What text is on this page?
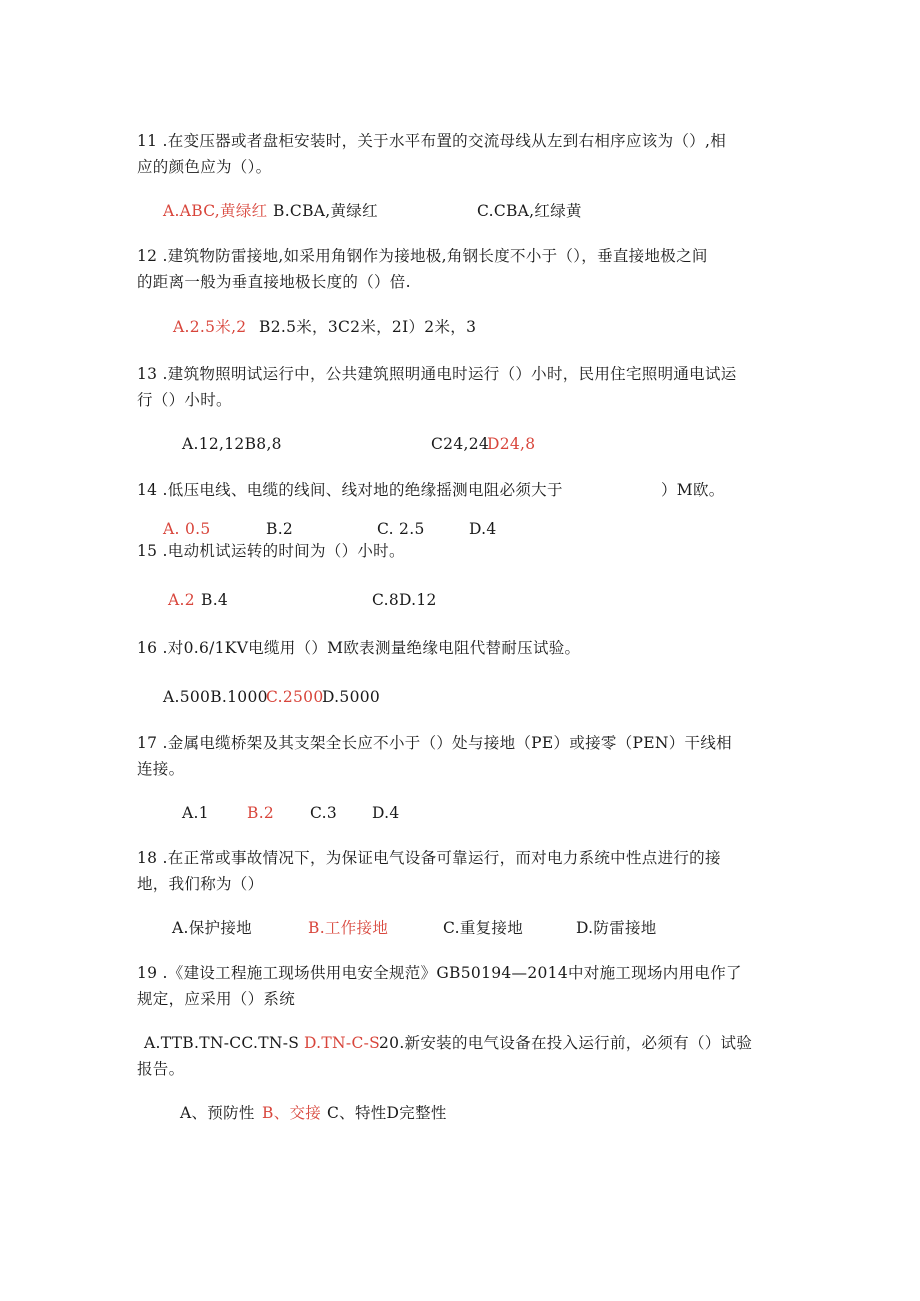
11 .在变压器或者盘柜安装时，关于水平布置的交流母线从左到右相序应该为（）,相
应的颜色应为（）。
A.ABC,黄绿红 B.CBA,黄绿红	C.CBA,红绿黄
12 .建筑物防雷接地,如采用角钢作为接地极,角钢长度不小于（），垂直接地极之间
的距离一般为垂直接地极长度的（）倍.
A.2.5米,2 B2.5米，3C2米，2I）2米，3
13 .建筑物照明试运行中，公共建筑照明通电时运行（）小时，民用住宅照明通电试运
行（）小时。
A.12,12B8,8	C24,24
D24,8
14 .低压电线、电缆的线间、线对地的绝缘摇测电阻必须大于	）M欧。
A. 0.5	B.2	C. 2.5	D.4
15 .电动机试运转的时间为（）小时。
A.2 B.4	C.8D.12
16 .对0.6/1KV电缆用（）M欧表测量绝缘电阻代替耐压试验。
A.500B.1000
C.2500
D.5000
17 .金属电缆桥架及其支架全长应不小于（）处与接地（PE）或接零（PEN）干线相
连接。
A.1 B.2 C.3 D.4
18 .在正常或事故情况下，为保证电气设备可靠运行，而对电力系统中性点进行的接
地，我们称为（）
A.保护接地	B.工作接地	C.重复接地	D.防雷接地
19 .《建设工程施工现场供用电安全规范》GB50194—2014中对施工现场内用电作了
规定，应采用（）系统
A.TTB.TN-CC.TN-S D.TN-C-S
20.新安装的电气设备在投入运行前，必须有（）试验
报告。
A、预防性 B、交接 C、特性D完整性
